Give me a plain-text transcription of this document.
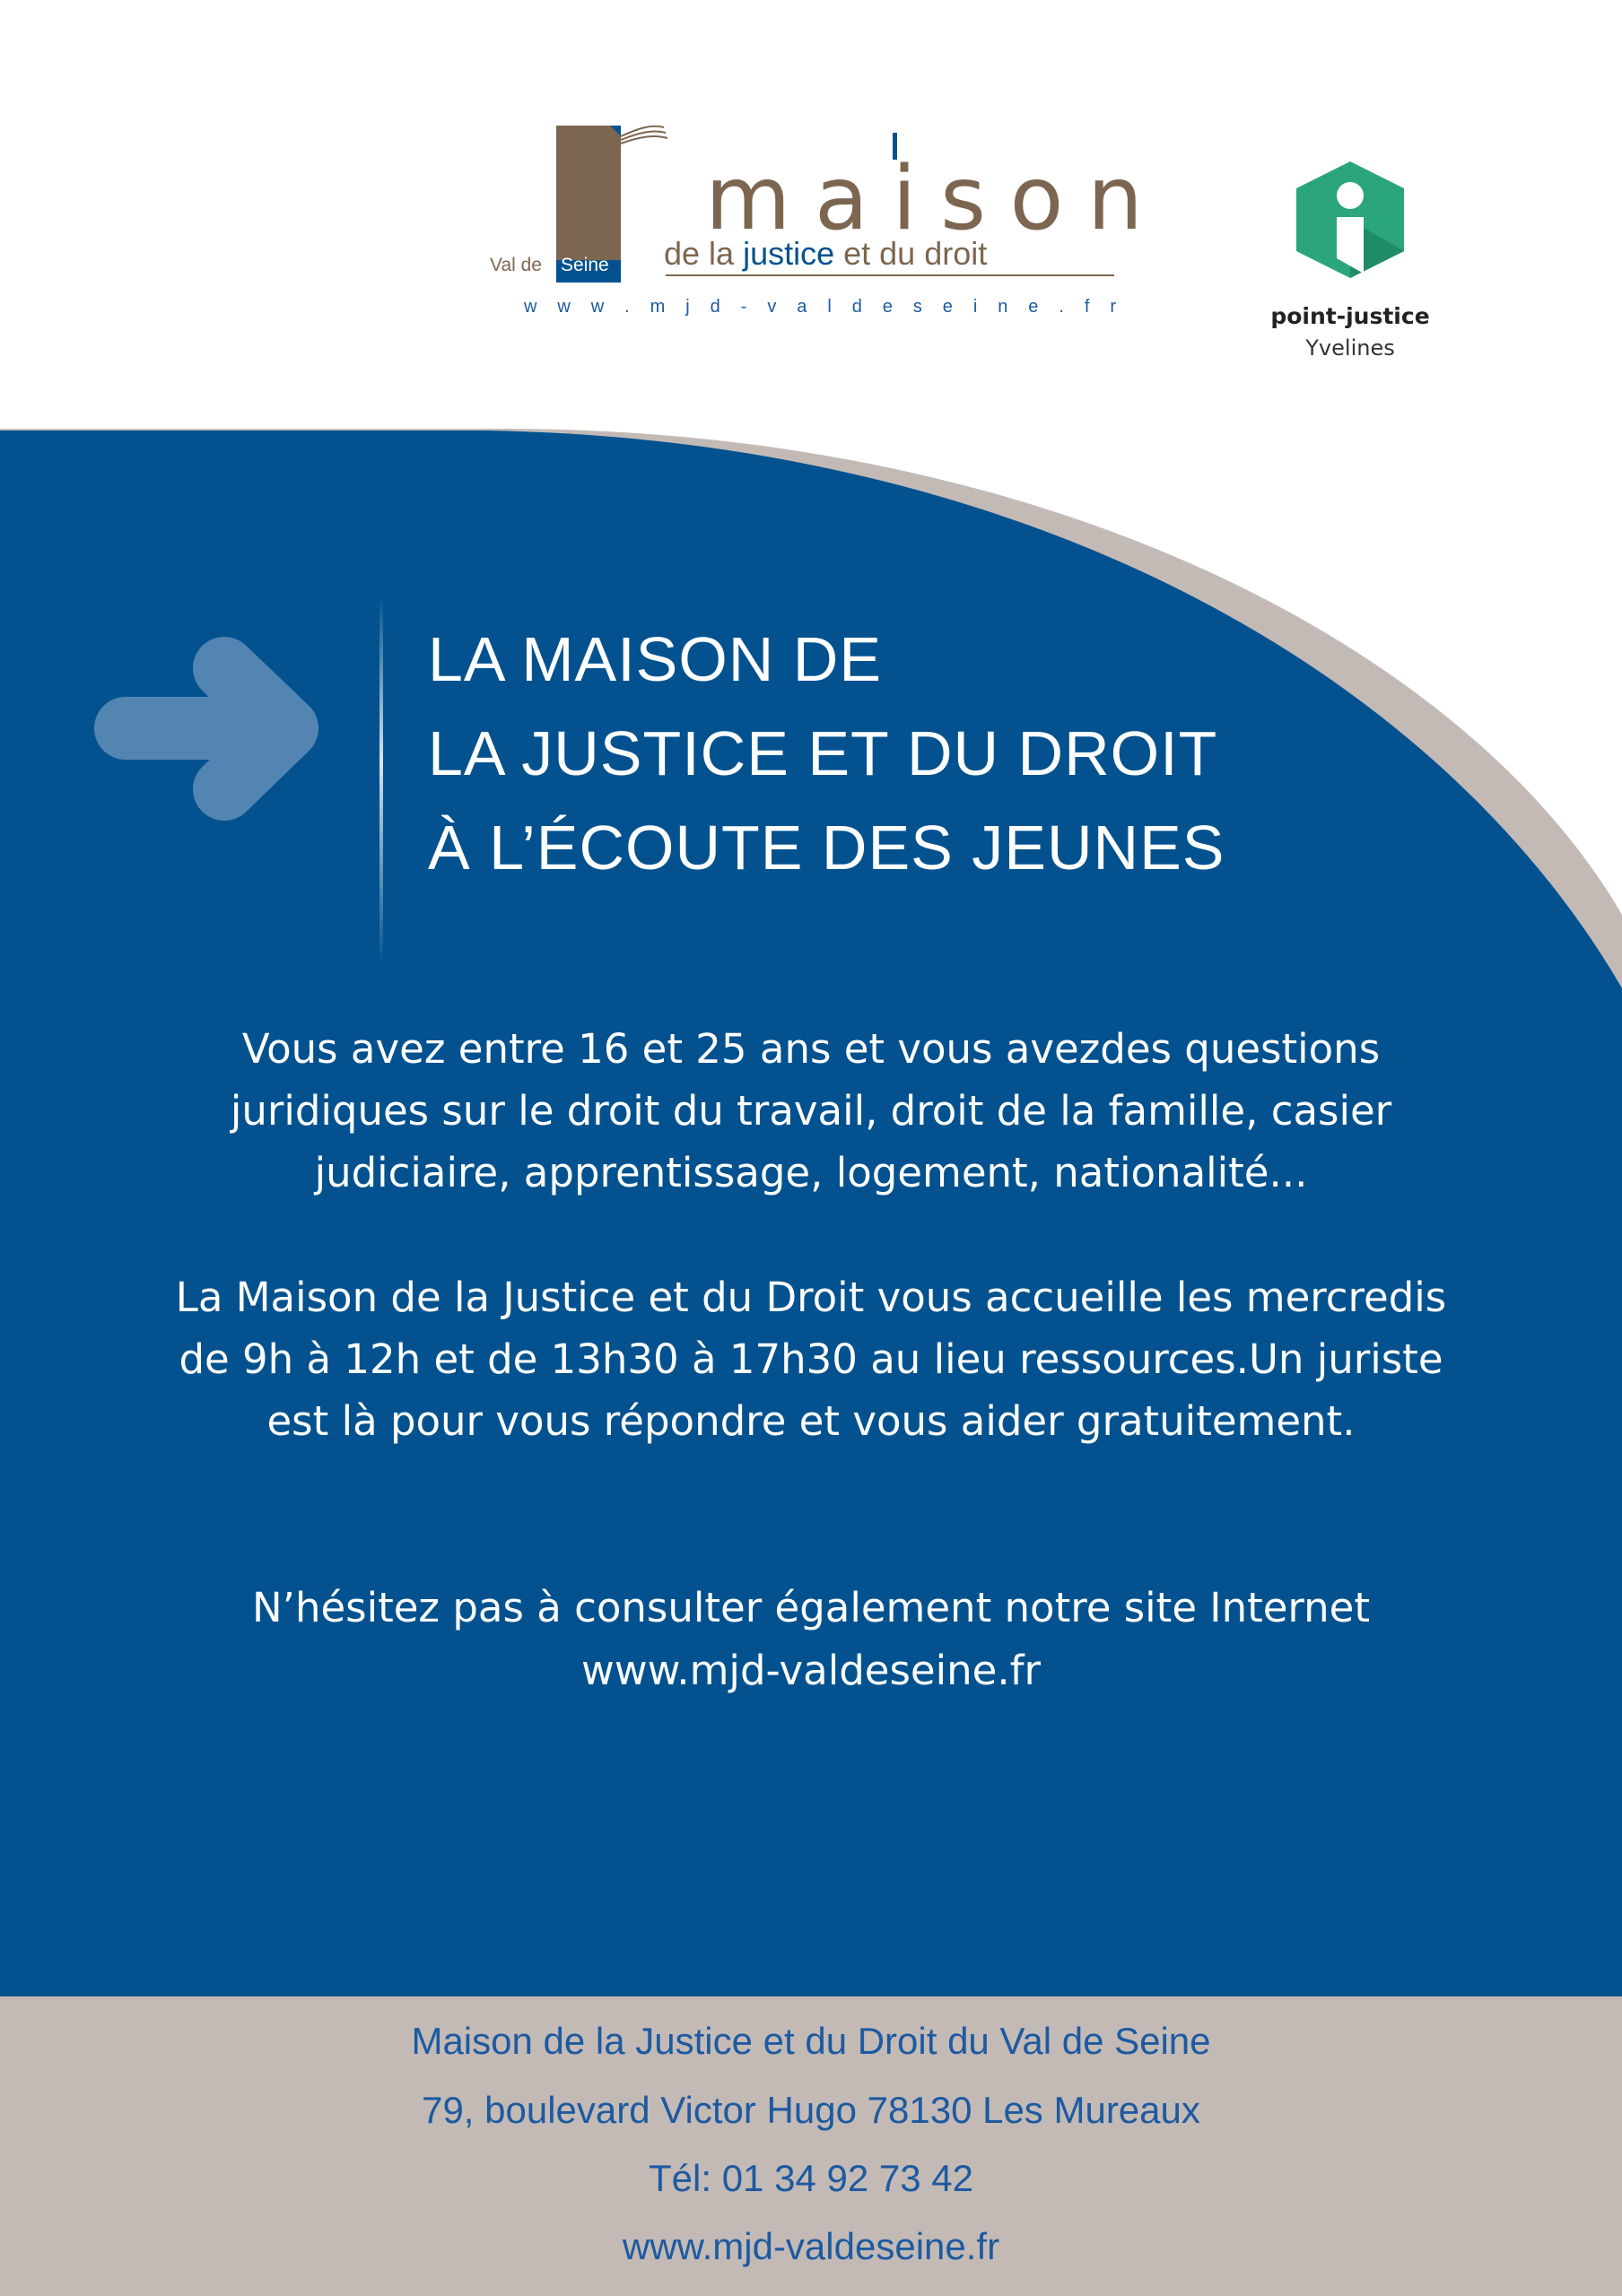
maison
de la justice et du droit
Val de Seine
w w w . m j d - v a l d e s e i n e . f r	point-justice
Yvelines
LA MAISON DE
LA JUSTICE ET DU DROIT
À L’ÉCOUTE DES JEUNES
Vous avez entre 16 et 25 ans et vous avezdes questions
juridiques sur le droit du travail, droit de la famille, casier
judiciaire, apprentissage, logement, nationalité...
La Maison de la Justice et du Droit vous accueille les mercredis
de 9h à 12h et de 13h30 à 17h30 au lieu ressources.Un juriste
est là pour vous répondre et vous aider gratuitement.
N’hésitez pas à consulter également notre site Internet
www.mjd-valdeseine.fr
Maison de la Justice et du Droit du Val de Seine
79, boulevard Victor Hugo 78130 Les Mureaux
Tél: 01 34 92 73 42
www.mjd-valdeseine.fr
